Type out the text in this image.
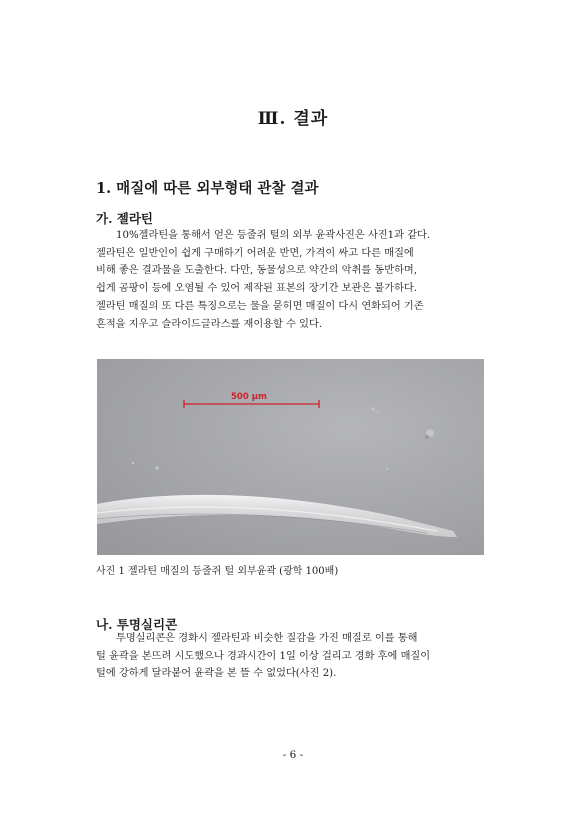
Ⅲ. 결과
1. 매질에 따른 외부형태 관찰 결과
가. 젤라틴
10%젤라틴을 통해서 얻은 등줄쥐 털의 외부 윤곽사진은 사진1과 같다.
젤라틴은 일반인이 쉽게 구매하기 어려운 반면, 가격이 싸고 다른 매질에
비해 좋은 결과물을 도출한다. 다만, 동물성으로 약간의 악취를 동반하며,
쉽게 곰팡이 등에 오염될 수 있어 제작된 표본의 장기간 보관은 불가하다.
젤라틴 매질의 또 다른 특징으로는 물을 묻히면 매질이 다시 연화되어 기존
흔적을 지우고 슬라이드글라스를 재이용할 수 있다.
500 μm
사진 1 젤라틴 매질의 등줄쥐 털 외부윤곽 (광학 100배)
나. 투명실리콘
투명실리콘은 경화시 젤라틴과 비슷한 질감을 가진 매질로 이를 통해
털 윤곽을 본뜨려 시도했으나 경과시간이 1일 이상 걸리고 경화 후에 매질이
털에 강하게 달라붙어 윤곽을 본 뜰 수 없었다(사진 2).
- 6 -
